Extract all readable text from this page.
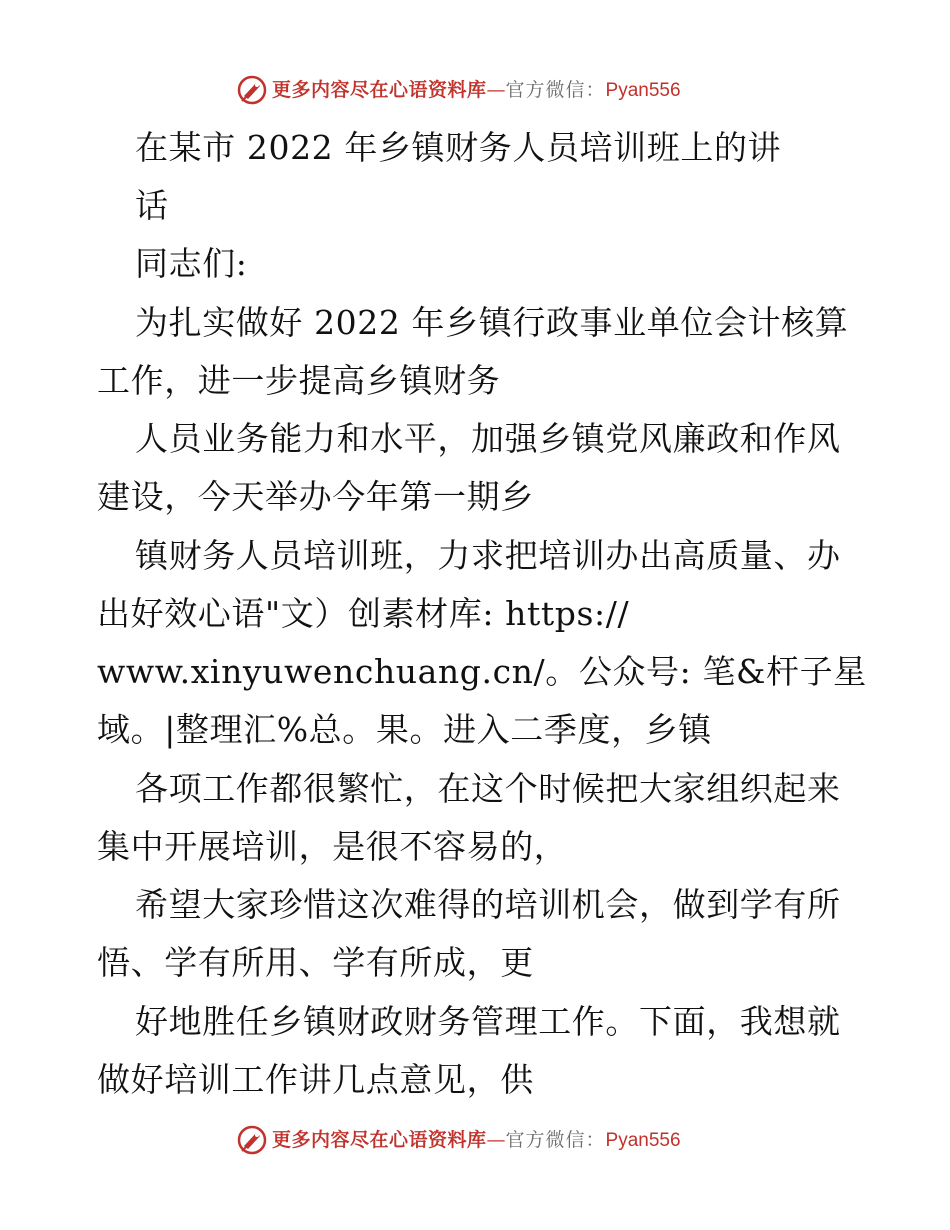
更多内容尽在心语资料库—官方微信：Pyan556
在某市 2022 年乡镇财务人员培训班上的讲
话
同志们:
为扎实做好 2022 年乡镇行政事业单位会计核算
工作，进一步提高乡镇财务
人员业务能力和水平，加强乡镇党风廉政和作风
建设，今天举办今年第一期乡
镇财务人员培训班，力求把培训办出高质量、办
出好效心语"文）创素材库: https://
www.xinyuwenchuang.cn/。公众号: 笔&杆子星
域。|整理汇%总。果。进入二季度，乡镇
各项工作都很繁忙，在这个时候把大家组织起来
集中开展培训，是很不容易的，
希望大家珍惜这次难得的培训机会，做到学有所
悟、学有所用、学有所成，更
好地胜任乡镇财政财务管理工作。下面，我想就
做好培训工作讲几点意见，供
更多内容尽在心语资料库—官方微信：Pyan556
